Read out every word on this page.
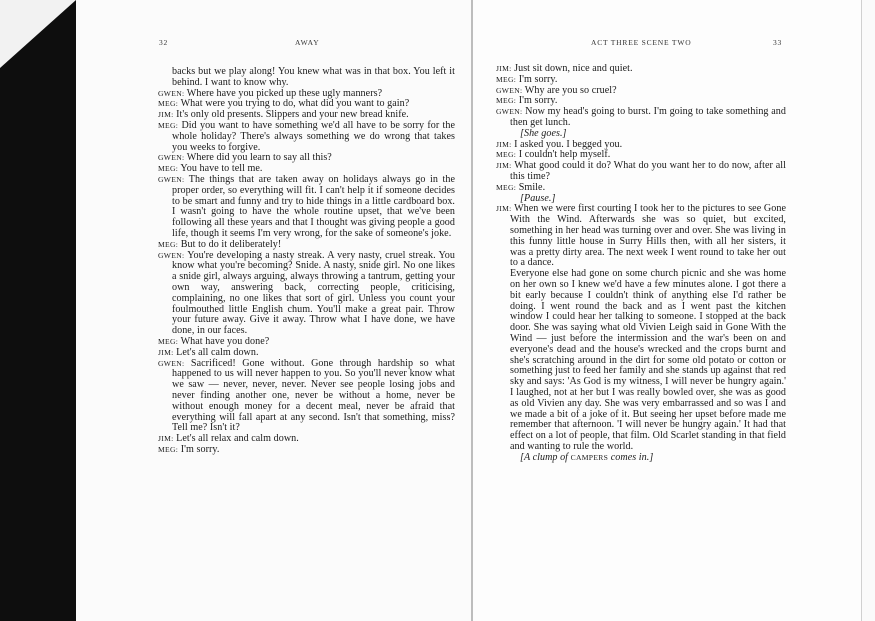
32	AWAY

backs but we play along! You knew what was in that box. You left it behind. I want to know why.

GWEN: Where have you picked up these ugly manners?

MEG: What were you trying to do, what did you want to gain?

JIM: It's only old presents. Slippers and your new bread knife.

MEG: Did you want to have something we'd all have to be sorry for the whole holiday? There's always something we do wrong that takes you weeks to forgive.

GWEN: Where did you learn to say all this?

MEG: You have to tell me.

GWEN: The things that are taken away on holidays always go in the proper order, so everything will fit. I can't help it if someone decides to be smart and funny and try to hide things in a little cardboard box. I wasn't going to have the whole routine upset, that we've been following all these years and that I thought was giving people a good life, though it seems I'm very wrong, for the sake of someone's joke.

MEG: But to do it deliberately!

GWEN: You're developing a nasty streak. A very nasty, cruel streak. You know what you're becoming? Snide. A nasty, snide girl. No one likes a snide girl, always arguing, always throwing a tantrum, getting your own way, answering back, correcting people, criticising, complaining, no one likes that sort of girl. Unless you count your foulmouthed little English chum. You'll make a great pair. Throw your future away. Give it away. Throw what I have done, we have done, in our faces.

MEG: What have you done?

JIM: Let's all calm down.

GWEN: Sacrificed! Gone without. Gone through hardship so what happened to us will never happen to you. So you'll never know what we saw — never, never, never. Never see people losing jobs and never finding another one, never be without a home, never be without enough money for a decent meal, never be afraid that everything will fall apart at any second. Isn't that something, miss? Tell me? Isn't it?

JIM: Let's all relax and calm down.

MEG: I'm sorry.

ACT THREE SCENE TWO	33

JIM: Just sit down, nice and quiet.

MEG: I'm sorry.

GWEN: Why are you so cruel?

MEG: I'm sorry.

GWEN: Now my head's going to burst. I'm going to take something and then get lunch.

[She goes.]

JIM: I asked you. I begged you.

MEG: I couldn't help myself.

JIM: What good could it do? What do you want her to do now, after all this time?

MEG: Smile.

[Pause.]

JIM: When we were first courting I took her to the pictures to see Gone With the Wind. Afterwards she was so quiet, but excited, something in her head was turning over and over. She was living in this funny little house in Surry Hills then, with all her sisters, it was a pretty dirty area. The next week I went round to take her out to a dance.

Everyone else had gone on some church picnic and she was home on her own so I knew we'd have a few minutes alone. I got there a bit early because I couldn't think of anything else I'd rather be doing. I went round the back and as I went past the kitchen window I could hear her talking to someone. I stopped at the back door. She was saying what old Vivien Leigh said in Gone With the Wind — just before the intermission and the war's been on and everyone's dead and the house's wrecked and the crops burnt and she's scratching around in the dirt for some old potato or cotton or something just to feed her family and she stands up against that red sky and says: 'As God is my witness, I will never be hungry again.' I laughed, not at her but I was really bowled over, she was as good as old Vivien any day. She was very embarrassed and so was I and we made a bit of a joke of it. But seeing her upset before made me remember that afternoon. 'I will never be hungry again.' It had that effect on a lot of people, that film. Old Scarlet standing in that field and wanting to rule the world.

[A clump of CAMPERS comes in.]
